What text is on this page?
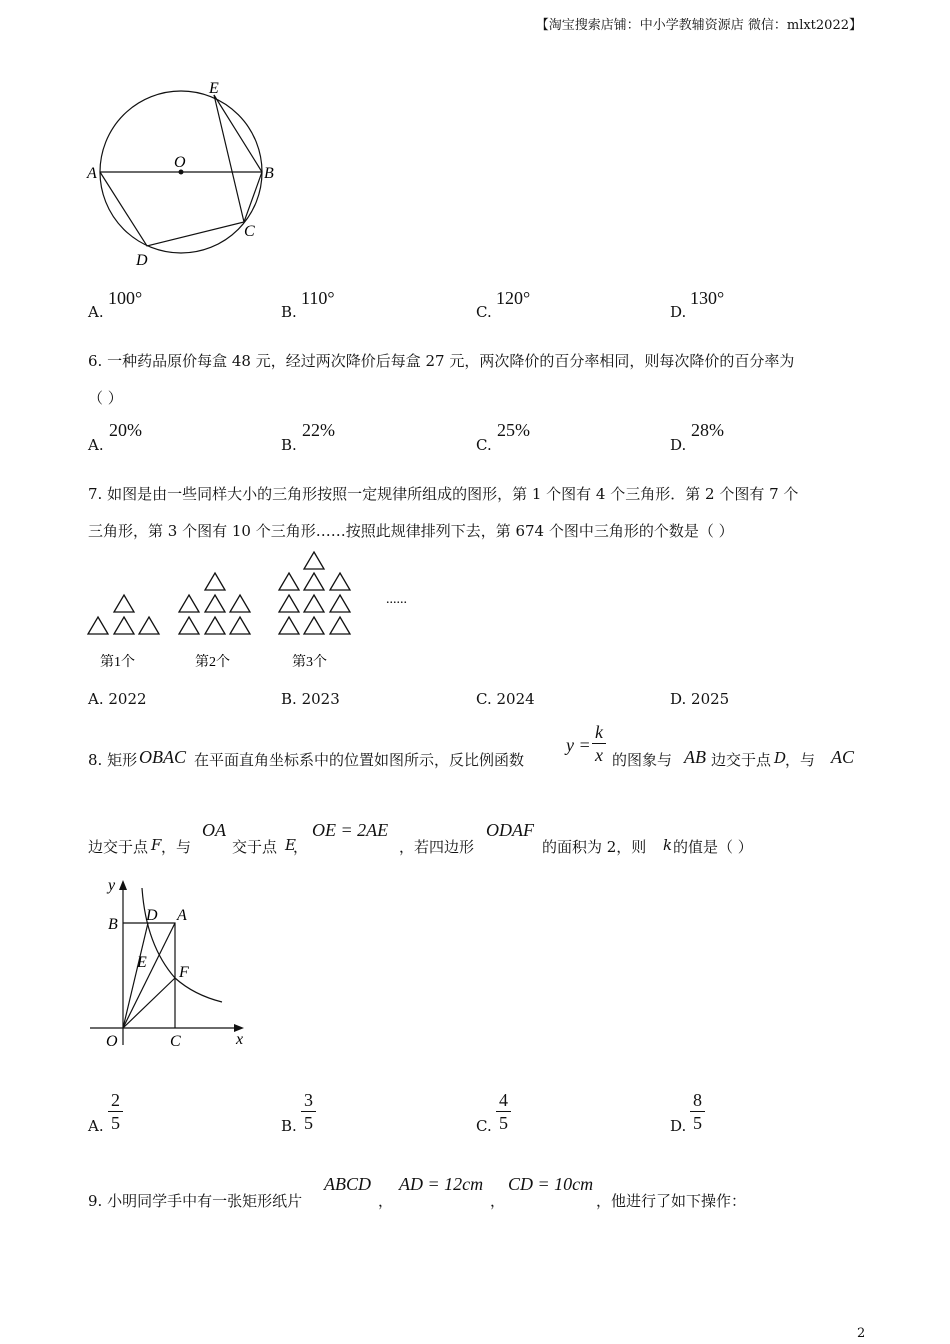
【淘宝搜索店铺：中小学教辅资源店 微信：mlxt2022】
E
O
A	B
C
D
A.
100°
B.
110°
C.
120°
D.
130°
6. 一种药品原价每盒 48 元，经过两次降价后每盒 27 元，两次降价的百分率相同，则每次降价的百分率为
（ ）
A.
20%
B.
22%
C.
25%
D.
28%
7. 如图是由一些同样大小的三角形按照一定规律所组成的图形，第 1 个图有 4 个三角形．第 2 个图有 7 个
三角形，第 3 个图有 10 个三角形……按照此规律排列下去，第 674 个图中三角形的个数是（ ）
第1个	第2个	第3个
......
A. 2022	B. 2023	C. 2024	D. 2025
8. 矩形 OBAC 在平面直角坐标系中的位置如图所示，反比例函数
$y = \frac{k}{x}$ 的图象与 AB 边交于点 D
，与 AC
边交于点 F ，与
OA
交于点 E
，
OE = 2AE
，若四边形
ODAF
的面积为 2，则 k 的值是（ ）
y
x
B
D A
E
F
O	C
A. $\frac{2}{5}$	B. $\frac{3}{5}$	C. $\frac{4}{5}$	D. $\frac{8}{5}$
9. 小明同学手中有一张矩形纸片
ABCD
，
AD = 12cm
，
CD = 10cm
，他进行了如下操作：
2
